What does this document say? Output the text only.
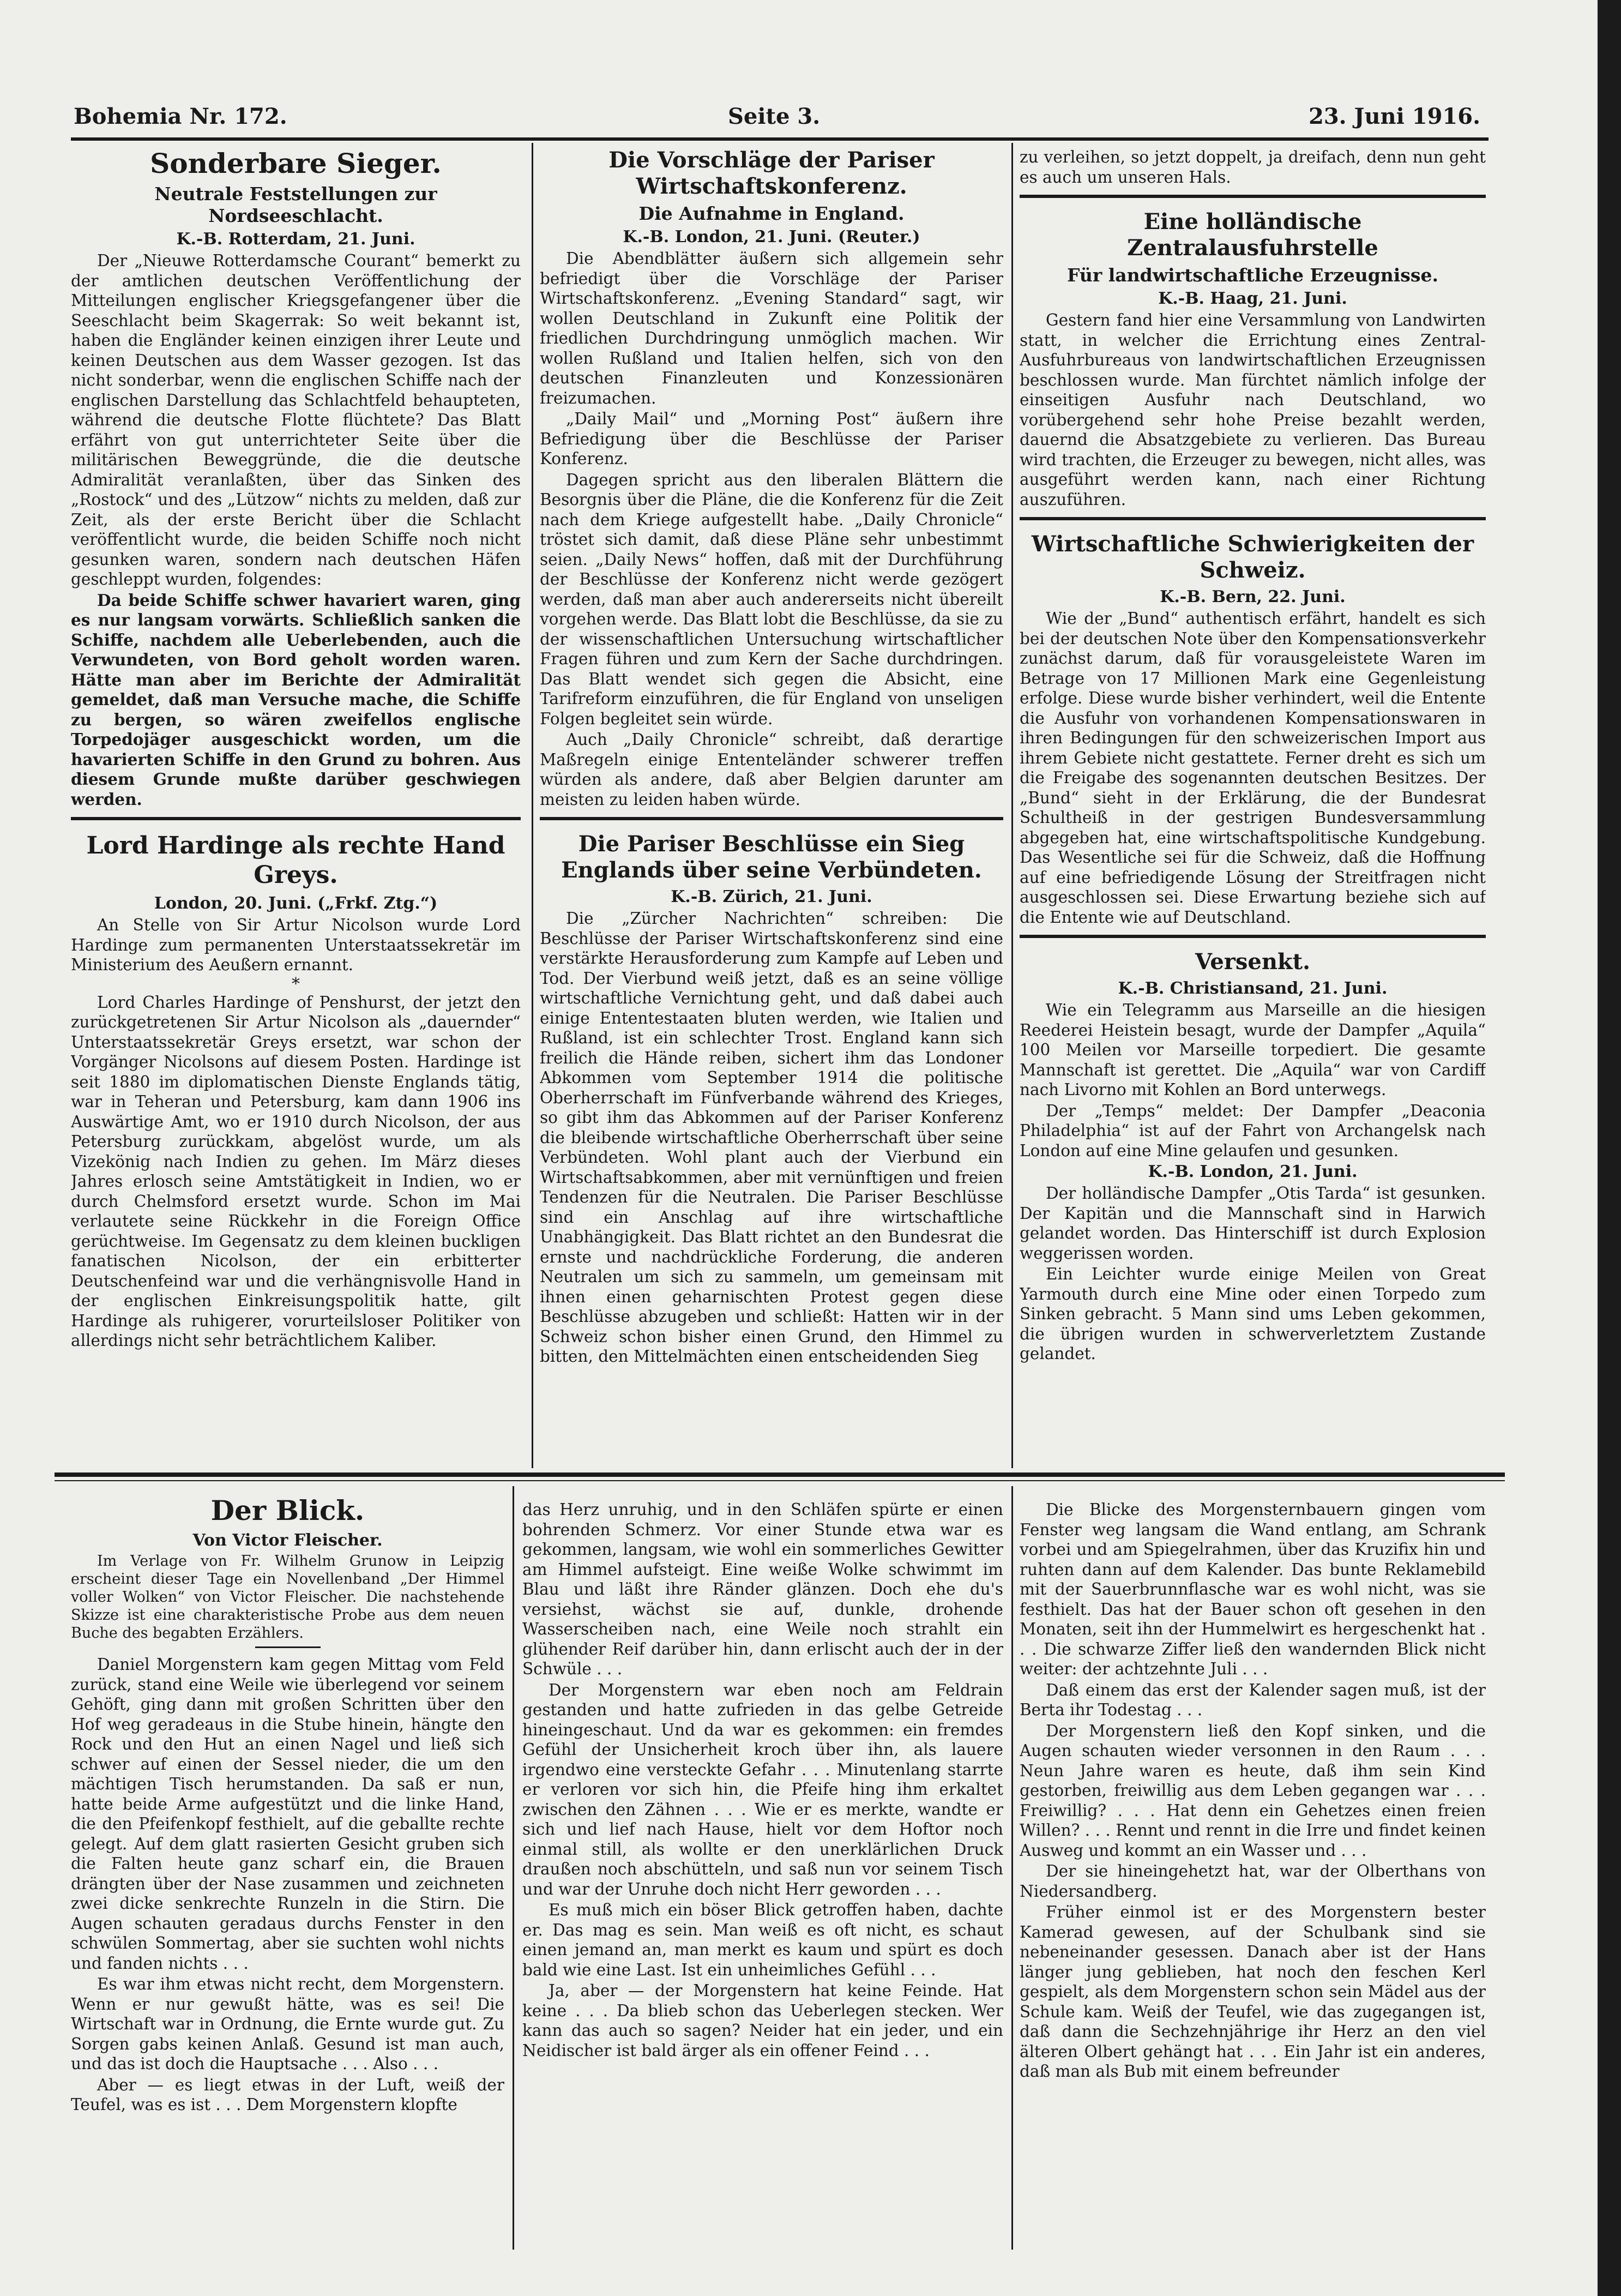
Bohemia Nr. 172.	Seite 3.	23. Juni 1916.
Sonderbare Sieger.
Neutrale Feststellungen zur Nordseeschlacht.
K.-B. Rotterdam, 21. Juni.

Der „Nieuwe Rotterdamsche Courant“ bemerkt zu der amtlichen deutschen Veröffentlichung der Mitteilungen englischer Kriegsgefangener über die Seeschlacht beim Skagerrak: So weit bekannt ist, haben die Engländer keinen einzigen ihrer Leute und keinen Deutschen aus dem Wasser gezogen. Ist das nicht sonderbar, wenn die englischen Schiffe nach der englischen Darstellung das Schlachtfeld behaupteten, während die deutsche Flotte flüchtete? Das Blatt erfährt von gut unterrichteter Seite über die militärischen Beweggründe, die die deutsche Admiralität veranlaßten, über das Sinken des „Rostock“ und des „Lützow“ nichts zu melden, daß zur Zeit, als der erste Bericht über die Schlacht veröffentlicht wurde, die beiden Schiffe noch nicht gesunken waren, sondern nach deutschen Häfen geschleppt wurden, folgendes:

Da beide Schiffe schwer havariert waren, ging es nur langsam vorwärts. Schließlich sanken die Schiffe, nachdem alle Ueberlebenden, auch die Verwundeten, von Bord geholt worden waren. Hätte man aber im Berichte der Admiralität gemeldet, daß man Versuche mache, die Schiffe zu bergen, so wären zweifellos englische Torpedojäger ausgeschickt worden, um die havarierten Schiffe in den Grund zu bohren. Aus diesem Grunde mußte darüber geschwiegen werden.

Lord Hardinge als rechte Hand Greys.
London, 20. Juni. („Frkf. Ztg.“)

An Stelle von Sir Artur Nicolson wurde Lord Hardinge zum permanenten Unterstaatssekretär im Ministerium des Aeußern ernannt.

*

Lord Charles Hardinge of Penshurst, der jetzt den zurückgetretenen Sir Artur Nicolson als „dauernder“ Unterstaatssekretär Greys ersetzt, war schon der Vorgänger Nicolsons auf diesem Posten. Hardinge ist seit 1880 im diplomatischen Dienste Englands tätig, war in Teheran und Petersburg, kam dann 1906 ins Auswärtige Amt, wo er 1910 durch Nicolson, der aus Petersburg zurückkam, abgelöst wurde, um als Vizekönig nach Indien zu gehen. Im März dieses Jahres erlosch seine Amtstätigkeit in Indien, wo er durch Chelmsford ersetzt wurde. Schon im Mai verlautete seine Rückkehr in die Foreign Office gerüchtweise. Im Gegensatz zu dem kleinen buckligen fanatischen Nicolson, der ein erbitterter Deutschenfeind war und die verhängnisvolle Hand in der englischen Einkreisungspolitik hatte, gilt Hardinge als ruhigerer, vorurteilsloser Politiker von allerdings nicht sehr beträchtlichem Kaliber.

Die Vorschläge der Pariser Wirtschaftskonferenz.
Die Aufnahme in England.
K.-B. London, 21. Juni. (Reuter.)

Die Abendblätter äußern sich allgemein sehr befriedigt über die Vorschläge der Pariser Wirtschaftskonferenz. „Evening Standard“ sagt, wir wollen Deutschland in Zukunft eine Politik der friedlichen Durchdringung unmöglich machen. Wir wollen Rußland und Italien helfen, sich von den deutschen Finanzleuten und Konzessionären freizumachen.

„Daily Mail“ und „Morning Post“ äußern ihre Befriedigung über die Beschlüsse der Pariser Konferenz.

Dagegen spricht aus den liberalen Blättern die Besorgnis über die Pläne, die die Konferenz für die Zeit nach dem Kriege aufgestellt habe. „Daily Chronicle“ tröstet sich damit, daß diese Pläne sehr unbestimmt seien. „Daily News“ hoffen, daß mit der Durchführung der Beschlüsse der Konferenz nicht werde gezögert werden, daß man aber auch andererseits nicht übereilt vorgehen werde. Das Blatt lobt die Beschlüsse, da sie zu der wissenschaftlichen Untersuchung wirtschaftlicher Fragen führen und zum Kern der Sache durchdringen. Das Blatt wendet sich gegen die Absicht, eine Tarifreform einzuführen, die für England von unseligen Folgen begleitet sein würde.

Auch „Daily Chronicle“ schreibt, daß derartige Maßregeln einige Ententeländer schwerer treffen würden als andere, daß aber Belgien darunter am meisten zu leiden haben würde.

Die Pariser Beschlüsse ein Sieg Englands über seine Verbündeten.
K.-B. Zürich, 21. Juni.

Die „Zürcher Nachrichten“ schreiben: Die Beschlüsse der Pariser Wirtschaftskonferenz sind eine verstärkte Herausforderung zum Kampfe auf Leben und Tod. Der Vierbund weiß jetzt, daß es an seine völlige wirtschaftliche Vernichtung geht, und daß dabei auch einige Ententestaaten bluten werden, wie Italien und Rußland, ist ein schlechter Trost. England kann sich freilich die Hände reiben, sichert ihm das Londoner Abkommen vom September 1914 die politische Oberherrschaft im Fünfverbande während des Krieges, so gibt ihm das Abkommen auf der Pariser Konferenz die bleibende wirtschaftliche Oberherrschaft über seine Verbündeten. Wohl plant auch der Vierbund ein Wirtschaftsabkommen, aber mit vernünftigen und freien Tendenzen für die Neutralen. Die Pariser Beschlüsse sind ein Anschlag auf ihre wirtschaftliche Unabhängigkeit. Das Blatt richtet an den Bundesrat die ernste und nachdrückliche Forderung, die anderen Neutralen um sich zu sammeln, um gemeinsam mit ihnen einen geharnischten Protest gegen diese Beschlüsse abzugeben und schließt: Hatten wir in der Schweiz schon bisher einen Grund, den Himmel zu bitten, den Mittelmächten einen entscheidenden Sieg

zu verleihen, so jetzt doppelt, ja dreifach, denn nun geht es auch um unseren Hals.

Eine holländische Zentralausfuhrstelle
Für landwirtschaftliche Erzeugnisse.
K.-B. Haag, 21. Juni.

Gestern fand hier eine Versammlung von Landwirten statt, in welcher die Errichtung eines Zentral-Ausfuhrbureaus von landwirtschaftlichen Erzeugnissen beschlossen wurde. Man fürchtet nämlich infolge der einseitigen Ausfuhr nach Deutschland, wo vorübergehend sehr hohe Preise bezahlt werden, dauernd die Absatzgebiete zu verlieren. Das Bureau wird trachten, die Erzeuger zu bewegen, nicht alles, was ausgeführt werden kann, nach einer Richtung auszuführen.

Wirtschaftliche Schwierigkeiten der Schweiz.
K.-B. Bern, 22. Juni.

Wie der „Bund“ authentisch erfährt, handelt es sich bei der deutschen Note über den Kompensationsverkehr zunächst darum, daß für vorausgeleistete Waren im Betrage von 17 Millionen Mark eine Gegenleistung erfolge. Diese wurde bisher verhindert, weil die Entente die Ausfuhr von vorhandenen Kompensationswaren in ihren Bedingungen für den schweizerischen Import aus ihrem Gebiete nicht gestattete. Ferner dreht es sich um die Freigabe des sogenannten deutschen Besitzes. Der „Bund“ sieht in der Erklärung, die der Bundesrat Schultheiß in der gestrigen Bundesversammlung abgegeben hat, eine wirtschaftspolitische Kundgebung. Das Wesentliche sei für die Schweiz, daß die Hoffnung auf eine befriedigende Lösung der Streitfragen nicht ausgeschlossen sei. Diese Erwartung beziehe sich auf die Entente wie auf Deutschland.

Versenkt.
K.-B. Christiansand, 21. Juni.

Wie ein Telegramm aus Marseille an die hiesigen Reederei Heistein besagt, wurde der Dampfer „Aquila“ 100 Meilen vor Marseille torpediert. Die gesamte Mannschaft ist gerettet. Die „Aquila“ war von Cardiff nach Livorno mit Kohlen an Bord unterwegs.

Der „Temps“ meldet: Der Dampfer „Deaconia Philadelphia“ ist auf der Fahrt von Archangelsk nach London auf eine Mine gelaufen und gesunken.

K.-B. London, 21. Juni.

Der holländische Dampfer „Otis Tarda“ ist gesunken. Der Kapitän und die Mannschaft sind in Harwich gelandet worden. Das Hinterschiff ist durch Explosion weggerissen worden.

Ein Leichter wurde einige Meilen von Great Yarmouth durch eine Mine oder einen Torpedo zum Sinken gebracht. 5 Mann sind ums Leben gekommen, die übrigen wurden in schwerverletztem Zustande gelandet.

Der Blick.
Von Victor Fleischer.

Im Verlage von Fr. Wilhelm Grunow in Leipzig erscheint dieser Tage ein Novellenband „Der Himmel voller Wolken“ von Victor Fleischer. Die nachstehende Skizze ist eine charakteristische Probe aus dem neuen Buche des begabten Erzählers.

Daniel Morgenstern kam gegen Mittag vom Feld zurück, stand eine Weile wie überlegend vor seinem Gehöft, ging dann mit großen Schritten über den Hof weg geradeaus in die Stube hinein, hängte den Rock und den Hut an einen Nagel und ließ sich schwer auf einen der Sessel nieder, die um den mächtigen Tisch herumstanden. Da saß er nun, hatte beide Arme aufgestützt und die linke Hand, die den Pfeifenkopf festhielt, auf die geballte rechte gelegt. Auf dem glatt rasierten Gesicht gruben sich die Falten heute ganz scharf ein, die Brauen drängten über der Nase zusammen und zeichneten zwei dicke senkrechte Runzeln in die Stirn. Die Augen schauten geradaus durchs Fenster in den schwülen Sommertag, aber sie suchten wohl nichts und fanden nichts . . .

Es war ihm etwas nicht recht, dem Morgenstern. Wenn er nur gewußt hätte, was es sei! Die Wirtschaft war in Ordnung, die Ernte wurde gut. Zu Sorgen gabs keinen Anlaß. Gesund ist man auch, und das ist doch die Hauptsache . . . Also . . .

Aber — es liegt etwas in der Luft, weiß der Teufel, was es ist . . . Dem Morgenstern klopfte

das Herz unruhig, und in den Schläfen spürte er einen bohrenden Schmerz. Vor einer Stunde etwa war es gekommen, langsam, wie wohl ein sommerliches Gewitter am Himmel aufsteigt. Eine weiße Wolke schwimmt im Blau und läßt ihre Ränder glänzen. Doch ehe du's versiehst, wächst sie auf, dunkle, drohende Wasserscheiben nach, eine Weile noch strahlt ein glühender Reif darüber hin, dann erlischt auch der in der Schwüle . . .

Der Morgenstern war eben noch am Feldrain gestanden und hatte zufrieden in das gelbe Getreide hineingeschaut. Und da war es gekommen: ein fremdes Gefühl der Unsicherheit kroch über ihn, als lauere irgendwo eine versteckte Gefahr . . . Minutenlang starrte er verloren vor sich hin, die Pfeife hing ihm erkaltet zwischen den Zähnen . . . Wie er es merkte, wandte er sich und lief nach Hause, hielt vor dem Hoftor noch einmal still, als wollte er den unerklärlichen Druck draußen noch abschütteln, und saß nun vor seinem Tisch und war der Unruhe doch nicht Herr geworden . . .

Es muß mich ein böser Blick getroffen haben, dachte er. Das mag es sein. Man weiß es oft nicht, es schaut einen jemand an, man merkt es kaum und spürt es doch bald wie eine Last. Ist ein unheimliches Gefühl . . .

Ja, aber — der Morgenstern hat keine Feinde. Hat keine . . . Da blieb schon das Ueberlegen stecken. Wer kann das auch so sagen? Neider hat ein jeder, und ein Neidischer ist bald ärger als ein offener Feind . . .

Die Blicke des Morgensternbauern gingen vom Fenster weg langsam die Wand entlang, am Schrank vorbei und am Spiegelrahmen, über das Kruzifix hin und ruhten dann auf dem Kalender. Das bunte Reklamebild mit der Sauerbrunnflasche war es wohl nicht, was sie festhielt. Das hat der Bauer schon oft gesehen in den Monaten, seit ihn der Hummelwirt es hergeschenkt hat . . . Die schwarze Ziffer ließ den wandernden Blick nicht weiter: der achtzehnte Juli . . .

Daß einem das erst der Kalender sagen muß, ist der Berta ihr Todestag . . .

Der Morgenstern ließ den Kopf sinken, und die Augen schauten wieder versonnen in den Raum . . . Neun Jahre waren es heute, daß ihm sein Kind gestorben, freiwillig aus dem Leben gegangen war . . . Freiwillig? . . . Hat denn ein Gehetzes einen freien Willen? . . . Rennt und rennt in die Irre und findet keinen Ausweg und kommt an ein Wasser und . . .

Der sie hineingehetzt hat, war der Olberthans von Niedersandberg.

Früher einmol ist er des Morgenstern bester Kamerad gewesen, auf der Schulbank sind sie nebeneinander gesessen. Danach aber ist der Hans länger jung geblieben, hat noch den feschen Kerl gespielt, als dem Morgenstern schon sein Mädel aus der Schule kam. Weiß der Teufel, wie das zugegangen ist, daß dann die Sechzehnjährige ihr Herz an den viel älteren Olbert gehängt hat . . . Ein Jahr ist ein anderes, daß man als Bub mit einem befreunder
